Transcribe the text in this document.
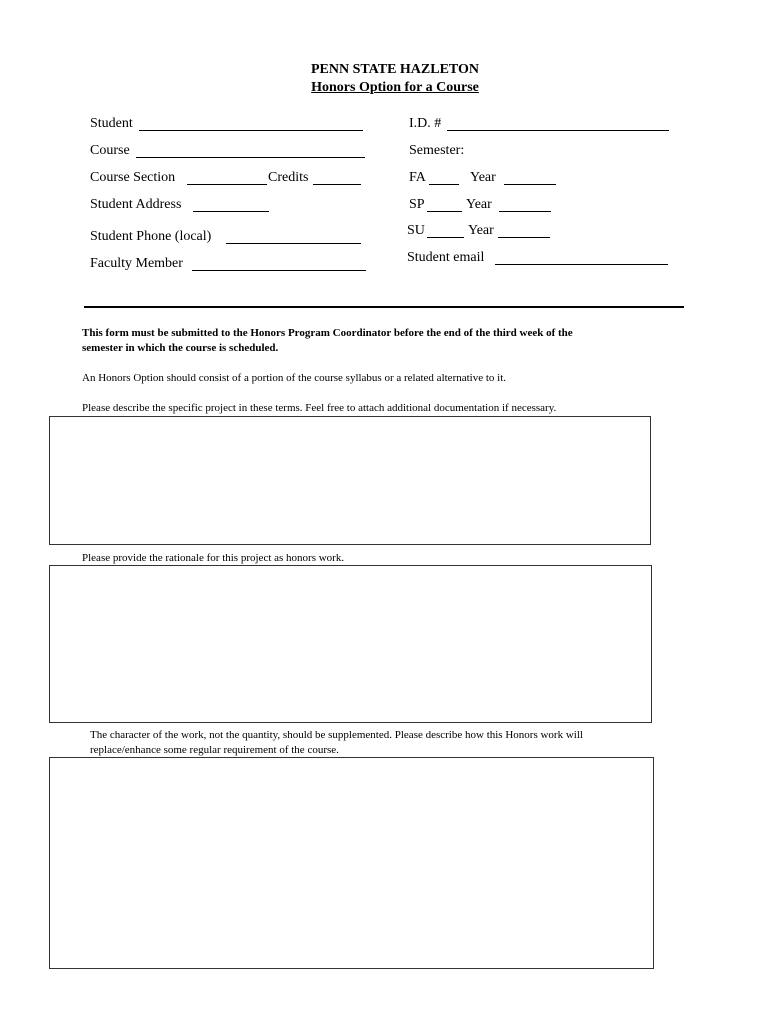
PENN STATE HAZLETON
Honors Option for a Course
Student
Course
Course Section	Credits
Student Address
Student Phone (local)
Faculty Member
I.D. #
Semester:
FA	Year
SP	Year
SU	Year
Student email
This form must be submitted to the Honors Program Coordinator before the end of the third week of the
semester in which the course is scheduled.
An Honors Option should consist of a portion of the course syllabus or a related alternative to it.
Please describe the specific project in these terms. Feel free to attach additional documentation if necessary.
Please provide the rationale for this project as honors work.
The character of the work, not the quantity, should be supplemented. Please describe how this Honors work will
replace/enhance some regular requirement of the course.
